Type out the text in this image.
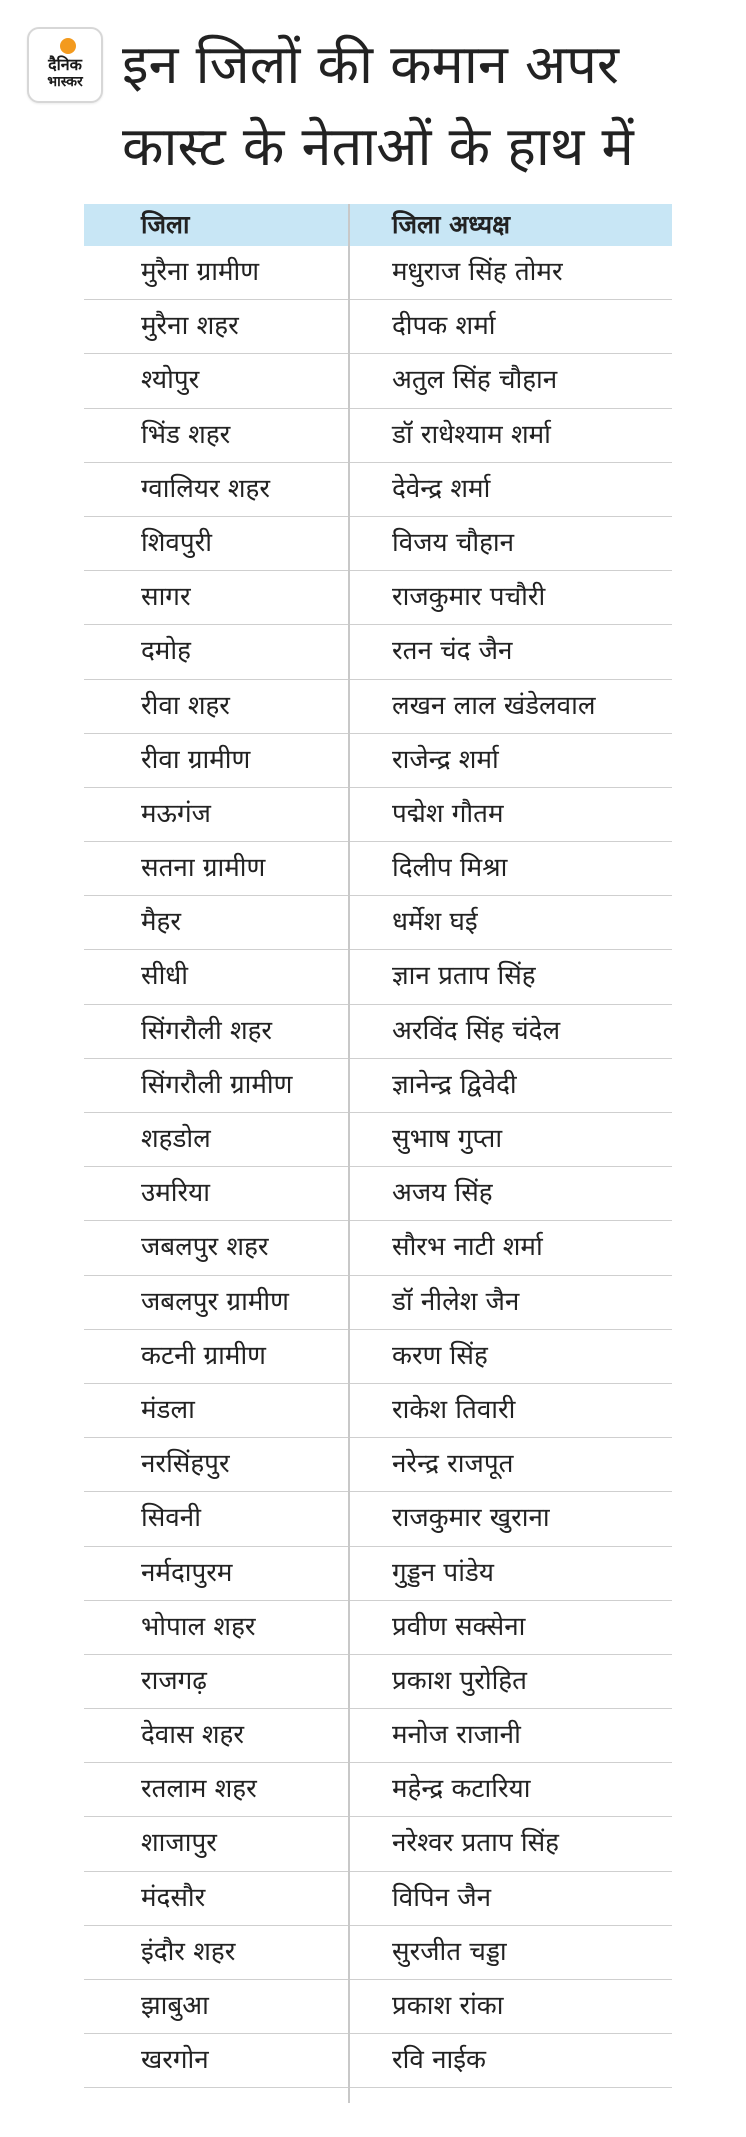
दैनिक
भास्कर इन जिलों की कमान अपर कास्ट के नेताओं के हाथ में
जिला	जिला अध्यक्ष
मुरैना ग्रामीण	मधुराज सिंह तोमर
मुरैना शहर	दीपक शर्मा
श्योपुर	अतुल सिंह चौहान
भिंड शहर	डॉ राधेश्याम शर्मा
ग्वालियर शहर	देवेन्द्र शर्मा
शिवपुरी	विजय चौहान
सागर	राजकुमार पचौरी
दमोह	रतन चंद जैन
रीवा शहर	लखन लाल खंडेलवाल
रीवा ग्रामीण	राजेन्द्र शर्मा
मऊगंज	पद्मेश गौतम
सतना ग्रामीण	दिलीप मिश्रा
मैहर	धर्मेश घई
सीधी	ज्ञान प्रताप सिंह
सिंगरौली शहर	अरविंद सिंह चंदेल
सिंगरौली ग्रामीण	ज्ञानेन्द्र द्विवेदी
शहडोल	सुभाष गुप्ता
उमरिया	अजय सिंह
जबलपुर शहर	सौरभ नाटी शर्मा
जबलपुर ग्रामीण	डॉ नीलेश जैन
कटनी ग्रामीण	करण सिंह
मंडला	राकेश तिवारी
नरसिंहपुर	नरेन्द्र राजपूत
सिवनी	राजकुमार खुराना
नर्मदापुरम	गुड्डन पांडेय
भोपाल शहर	प्रवीण सक्सेना
राजगढ़	प्रकाश पुरोहित
देवास शहर	मनोज राजानी
रतलाम शहर	महेन्द्र कटारिया
शाजापुर	नरेश्वर प्रताप सिंह
मंदसौर	विपिन जैन
इंदौर शहर	सुरजीत चड्डा
झाबुआ	प्रकाश रांका
खरगोन	रवि नाईक
